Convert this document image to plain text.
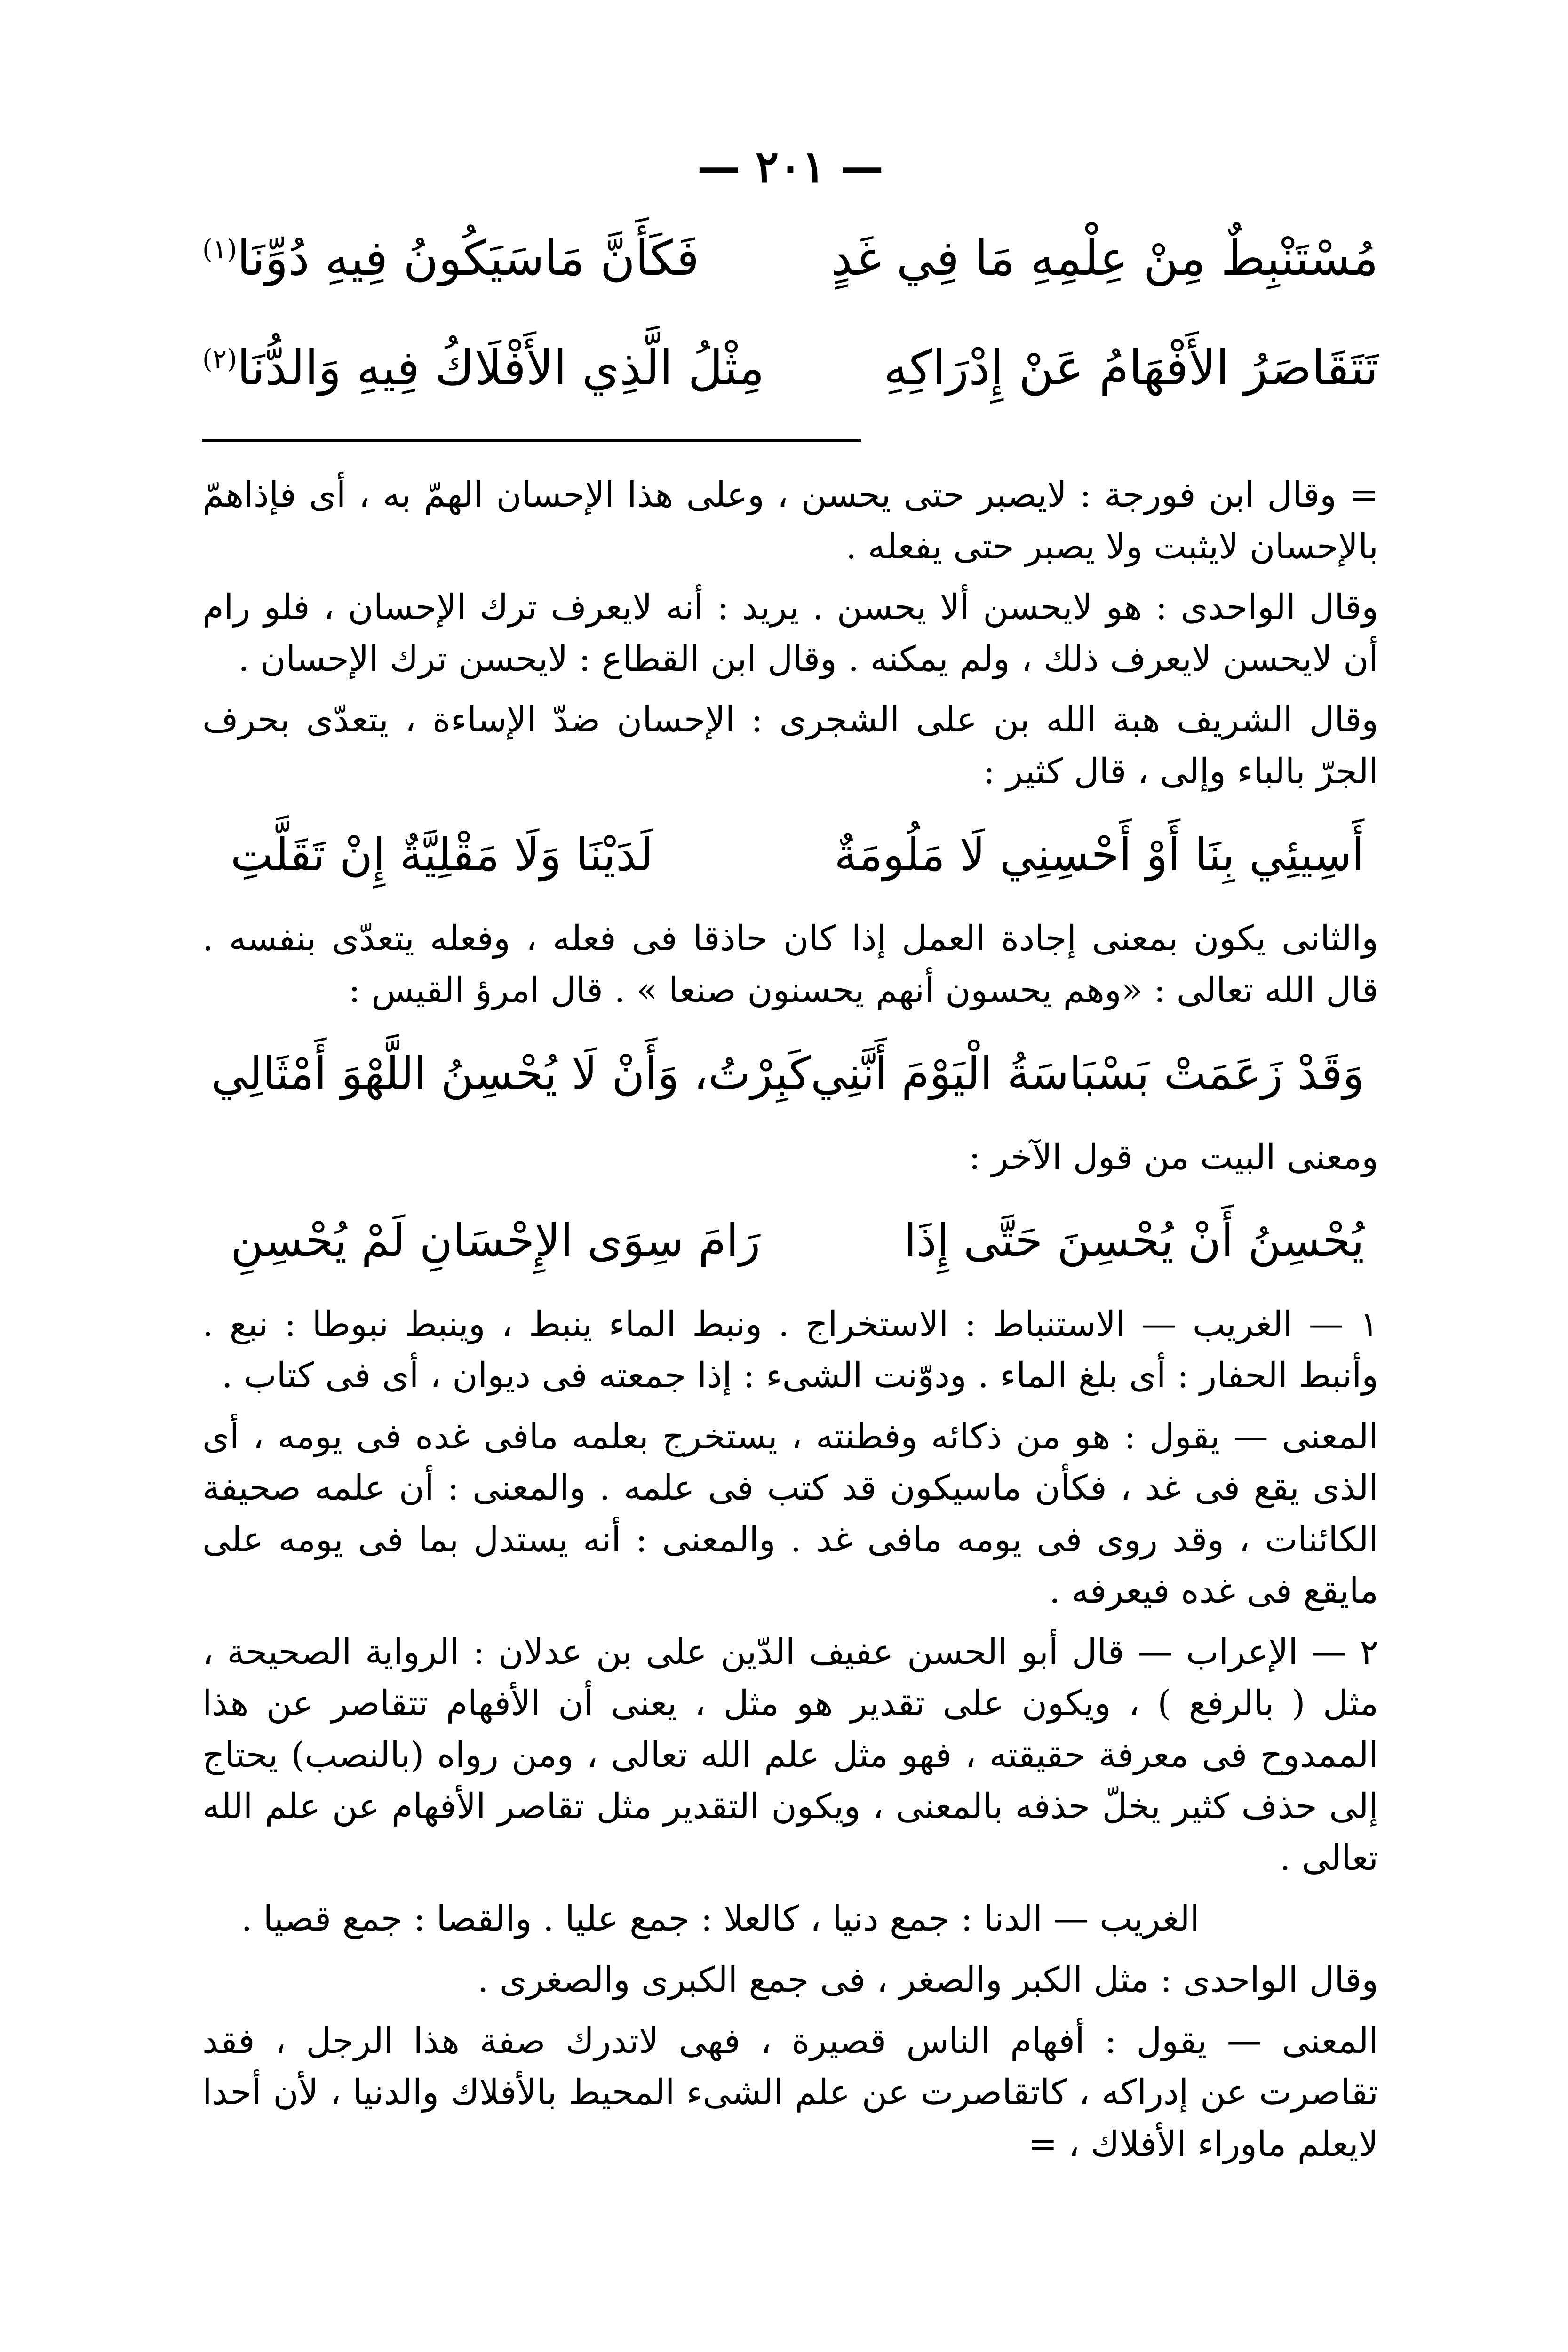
— ٢٠١ —
مُسْتَنْبِطٌ مِنْ عِلْمِهِ مَا فِي غَدٍ
فَكَأَنَّ مَاسَيَكُونُ فِيهِ دُوِّنَا$^{(١)}$
تَتَقَاصَرُ الأَفْهَامُ عَنْ إِدْرَاكِهِ
مِثْلُ الَّذِي الأَفْلَاكُ فِيهِ وَالدُّنَا$^{(٢)}$

= وقال ابن فورجة : لايصبر حتى يحسن ، وعلى هذا الإحسان الهمّ به ، أى فإذاهمّ بالإحسان لايثبت ولا يصبر حتى يفعله .

وقال الواحدى : هو لايحسن ألا يحسن . يريد : أنه لايعرف ترك الإحسان ، فلو رام أن لايحسن لايعرف ذلك ، ولم يمكنه . وقال ابن القطاع : لايحسن ترك الإحسان .

وقال الشريف هبة الله بن على الشجرى : الإحسان ضدّ الإساءة ، يتعدّى بحرف الجرّ بالباء وإلى ، قال كثير :

أَسِيئِي بِنَا أَوْ أَحْسِنِي لَا مَلُومَةٌ
لَدَيْنَا وَلَا مَقْلِيَّةٌ إِنْ تَقَلَّتِ

والثانى يكون بمعنى إجادة العمل إذا كان حاذقا فى فعله ، وفعله يتعدّى بنفسه . قال الله تعالى : «وهم يحسون أنهم يحسنون صنعا » . قال امرؤ القيس :

وَقَدْ زَعَمَتْ بَسْبَاسَةُ الْيَوْمَ أَنَّنِي
كَبِرْتُ، وَأَنْ لَا يُحْسِنُ اللَّهْوَ أَمْثَالِي

ومعنى البيت من قول الآخر :

يُحْسِنُ أَنْ يُحْسِنَ حَتَّى إِذَا
رَامَ سِوَى الإِحْسَانِ لَمْ يُحْسِنِ

١ — الغريب — الاستنباط : الاستخراج . ونبط الماء ينبط ، وينبط نبوطا : نبع . وأنبط الحفار : أى بلغ الماء . ودوّنت الشىء : إذا جمعته فى ديوان ، أى فى كتاب .

المعنى — يقول : هو من ذكائه وفطنته ، يستخرج بعلمه مافى غده فى يومه ، أى الذى يقع فى غد ، فكأن ماسيكون قد كتب فى علمه . والمعنى : أن علمه صحيفة الكائنات ، وقد روى فى يومه مافى غد . والمعنى : أنه يستدل بما فى يومه على مايقع فى غده فيعرفه .

٢ — الإعراب — قال أبو الحسن عفيف الدّين على بن عدلان : الرواية الصحيحة ، مثل ( بالرفع ) ، ويكون على تقدير هو مثل ، يعنى أن الأفهام تتقاصر عن هذا الممدوح فى معرفة حقيقته ، فهو مثل علم الله تعالى ، ومن رواه (بالنصب) يحتاج إلى حذف كثير يخلّ حذفه بالمعنى ، ويكون التقدير مثل تقاصر الأفهام عن علم الله تعالى .

الغريب — الدنا : جمع دنيا ، كالعلا : جمع عليا . والقصا : جمع قصيا .

وقال الواحدى : مثل الكبر والصغر ، فى جمع الكبرى والصغرى .

المعنى — يقول : أفهام الناس قصيرة ، فهى لاتدرك صفة هذا الرجل ، فقد تقاصرت عن إدراكه ، كاتقاصرت عن علم الشىء المحيط بالأفلاك والدنيا ، لأن أحدا لايعلم ماوراء الأفلاك ، =
